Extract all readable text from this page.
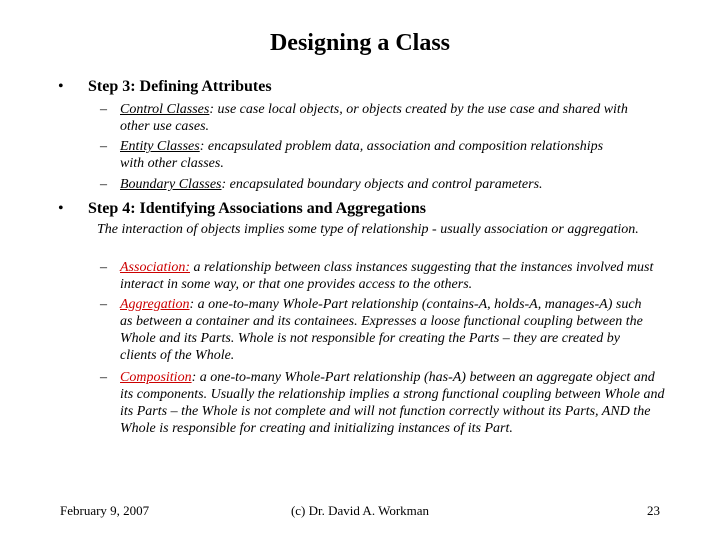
Designing a Class
• Step 3: Defining Attributes
– Control Classes: use case local objects, or objects created by the use case and shared with other use cases.
– Entity Classes: encapsulated problem data, association and composition relationships with other classes.
– Boundary Classes: encapsulated boundary objects and control parameters.
• Step 4: Identifying Associations and Aggregations
The interaction of objects implies some type of relationship - usually association or aggregation.
– Association: a relationship between class instances suggesting that the instances involved must interact in some way, or that one provides access to the others.
– Aggregation: a one-to-many Whole-Part relationship (contains-A, holds-A, manages-A) such as between a container and its containees. Expresses a loose functional coupling between the Whole and its Parts. Whole is not responsible for creating the Parts – they are created by clients of the Whole.
– Composition: a one-to-many Whole-Part relationship (has-A) between an aggregate object and its components. Usually the relationship implies a strong functional coupling between Whole and its Parts – the Whole is not complete and will not function correctly without its Parts, AND the Whole is responsible for creating and initializing instances of its Part.
February 9, 2007	(c) Dr. David A. Workman	23
